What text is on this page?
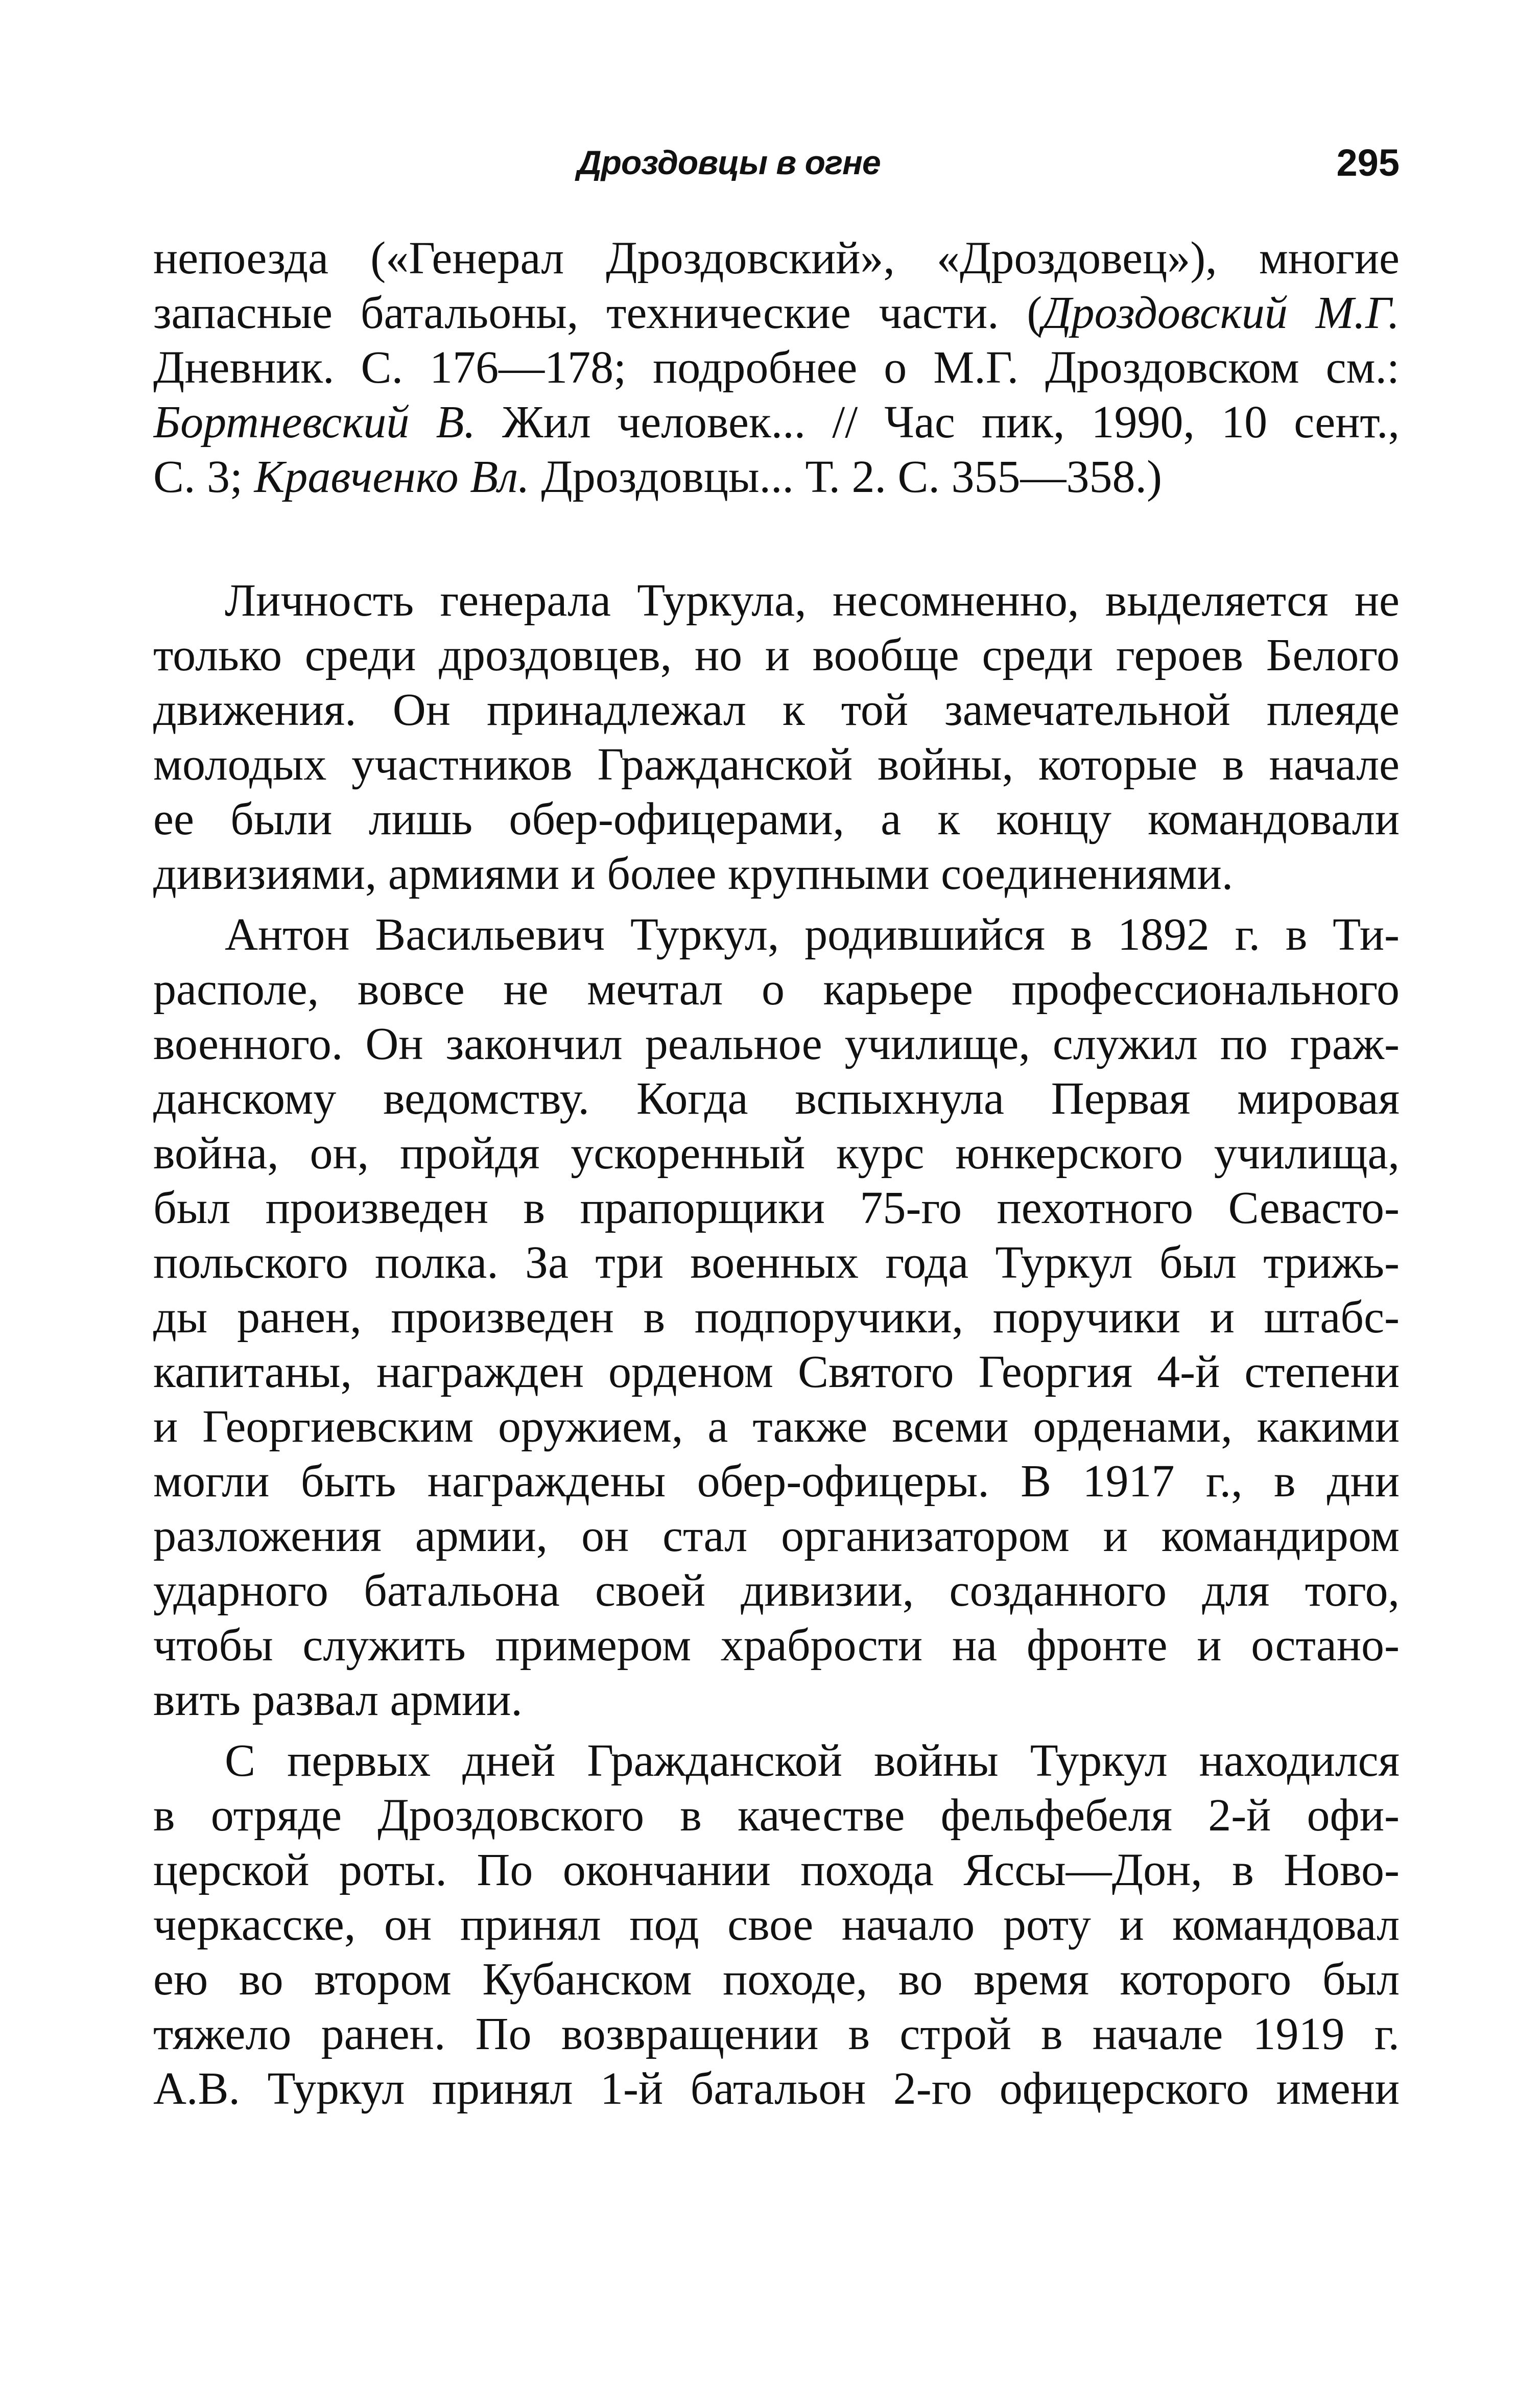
Дроздовцы в огне	295
непоезда («Генерал Дроздовский», «Дроздовец»), многие
запасные батальоны, технические части. (Дроздовский М.Г.
Дневник. С. 176—178; подробнее о М.Г. Дроздовском см.:
Бортневский В. Жил человек... // Час пик, 1990, 10 сент.,
С. 3; Кравченко Вл. Дроздовцы... Т. 2. С. 355—358.)
Личность генерала Туркула, несомненно, выделяется не
только среди дроздовцев, но и вообще среди героев Белого
движения. Он принадлежал к той замечательной плеяде
молодых участников Гражданской войны, которые в начале
ее были лишь обер-офицерами, а к концу командовали
дивизиями, армиями и более крупными соединениями.
Антон Васильевич Туркул, родившийся в 1892 г. в Ти-
располе, вовсе не мечтал о карьере профессионального
военного. Он закончил реальное училище, служил по граж-
данскому ведомству. Когда вспыхнула Первая мировая
война, он, пройдя ускоренный курс юнкерского училища,
был произведен в прапорщики 75-го пехотного Севасто-
польского полка. За три военных года Туркул был трижь-
ды ранен, произведен в подпоручики, поручики и штабс-
капитаны, награжден орденом Святого Георгия 4-й степени
и Георгиевским оружием, а также всеми орденами, какими
могли быть награждены обер-офицеры. В 1917 г., в дни
разложения армии, он стал организатором и командиром
ударного батальона своей дивизии, созданного для того,
чтобы служить примером храбрости на фронте и остано-
вить развал армии.
С первых дней Гражданской войны Туркул находился
в отряде Дроздовского в качестве фельфебеля 2-й офи-
церской роты. По окончании похода Яссы—Дон, в Ново-
черкасске, он принял под свое начало роту и командовал
ею во втором Кубанском походе, во время которого был
тяжело ранен. По возвращении в строй в начале 1919 г.
А.В. Туркул принял 1-й батальон 2-го офицерского имени
